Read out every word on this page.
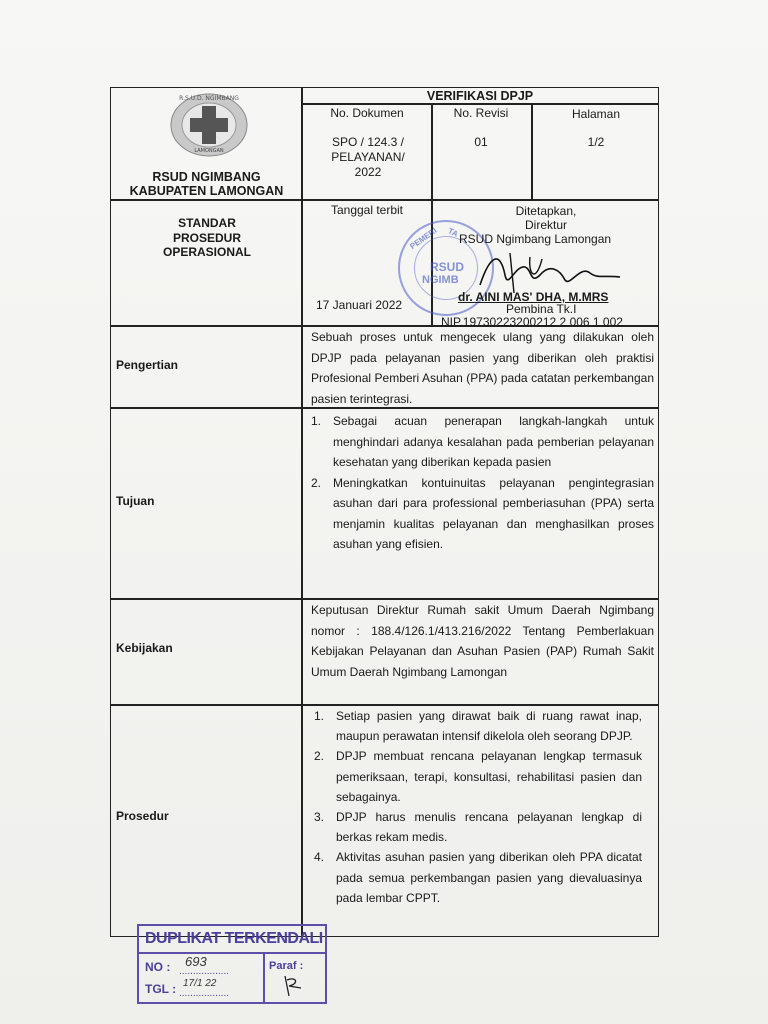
R.S.U.D. NGIMBANG
LAMONGAN
RSUD NGIMBANG
KABUPATEN LAMONGAN
VERIFIKASI DPJP
No. Dokumen
SPO / 124.3 / PELAYANAN/ 2022
No. Revisi
01
Halaman
1/2
STANDAR PROSEDUR OPERASIONAL
Tanggal terbit
17 Januari 2022
RSUD
NGIMB
PEMERI TA
Ditetapkan,
Direktur
RSUD Ngimbang Lamongan
dr. AINI MAS' DHA, M.MRS
Pembina Tk.I
NIP.19730223200212 2 006 1 002
Pengertian
Sebuah proses untuk mengecek ulang yang dilakukan oleh DPJP pada pelayanan pasien yang diberikan oleh praktisi Profesional Pemberi Asuhan (PPA) pada catatan perkembangan pasien terintegrasi.
Tujuan
1. Sebagai acuan penerapan langkah-langkah untuk menghindari adanya kesalahan pada pemberian pelayanan kesehatan yang diberikan kepada pasien
2. Meningkatkan kontuinuitas pelayanan pengintegrasian asuhan dari para professional pemberiasuhan (PPA) serta menjamin kualitas pelayanan dan menghasilkan proses asuhan yang efisien.
Kebijakan
Keputusan Direktur Rumah sakit Umum Daerah Ngimbang nomor : 188.4/126.1/413.216/2022 Tentang Pemberlakuan Kebijakan Pelayanan dan Asuhan Pasien (PAP) Rumah Sakit Umum Daerah Ngimbang Lamongan
Prosedur
1. Setiap pasien yang dirawat baik di ruang rawat inap, maupun perawatan intensif dikelola oleh seorang DPJP.
2. DPJP membuat rencana pelayanan lengkap termasuk pemeriksaan, terapi, konsultasi, rehabilitasi pasien dan sebagainya.
3. DPJP harus menulis rencana pelayanan lengkap di berkas rekam medis.
4. Aktivitas asuhan pasien yang diberikan oleh PPA dicatat pada semua perkembangan pasien yang dievaluasinya pada lembar CPPT.
DUPLIKAT TERKENDALI
NO : 693
..................
TGL : 17/1 22
..................
Paraf :
